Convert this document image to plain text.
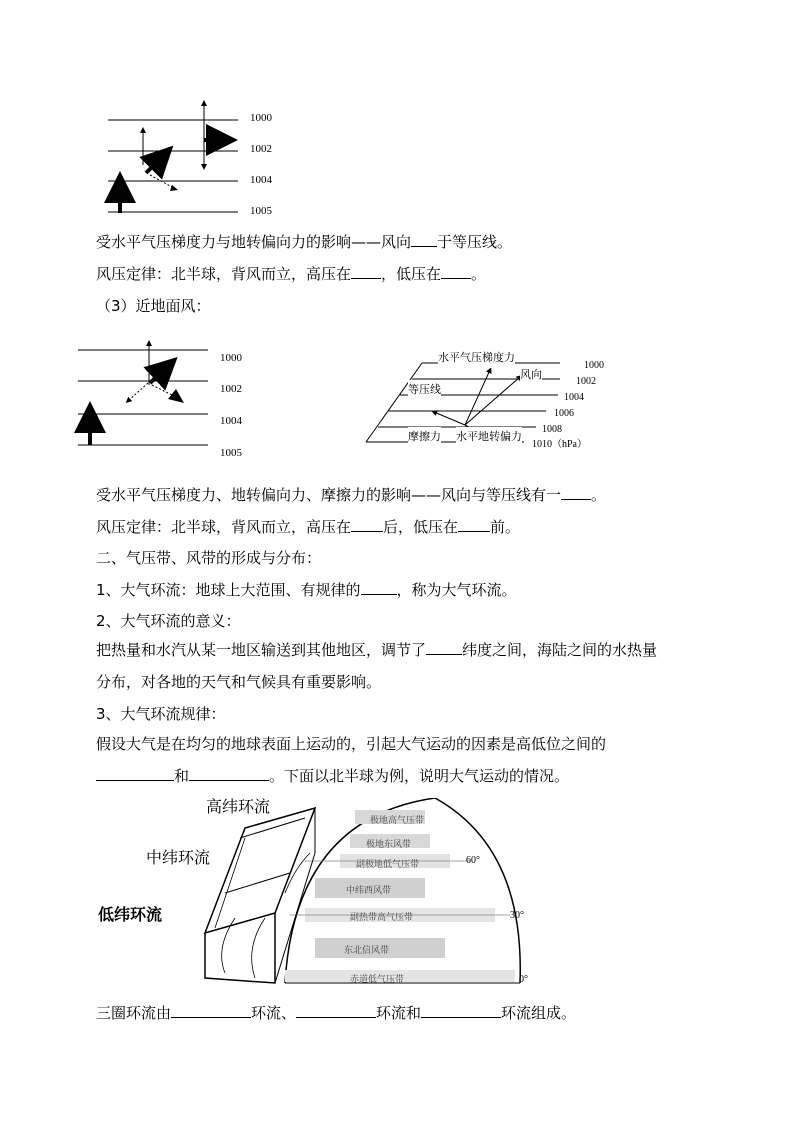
1000
1002
1004
1005
受水平气压梯度力与地转偏向力的影响——风向 于等压线。
风压定律：北半球，背风而立，高压在 ，低压在 。
（3）近地面风：
1000
1002
1004
1005
水平气压梯度力
风向
等压线
摩擦力 水平地转偏力
1000
1002
1004
1006
1008
1010（hPa）
受水平气压梯度力、地转偏向力、摩擦力的影响——风向与等压线有一 。
风压定律：北半球，背风而立，高压在 后，低压在 前。
二、气压带、风带的形成与分布：
1、大气环流：地球上大范围、有规律的 ，称为大气环流。
2、大气环流的意义：
把热量和水汽从某一地区输送到其他地区，调节了 纬度之间，海陆之间的水热量
分布，对各地的天气和气候具有重要影响。
3、大气环流规律：
假设大气是在均匀的地球表面上运动的，引起大气运动的因素是高低位之间的
和	。下面以北半球为例，说明大气运动的情况。
高纬环流
中纬环流
低纬环流
极地高气压带
极地东风带
副极地低气压带
中纬西风带
副热带高气压带
东北信风带
赤道低气压带
60°
30°
0°
三圈环流由	环流、	环流和	环流组成。
